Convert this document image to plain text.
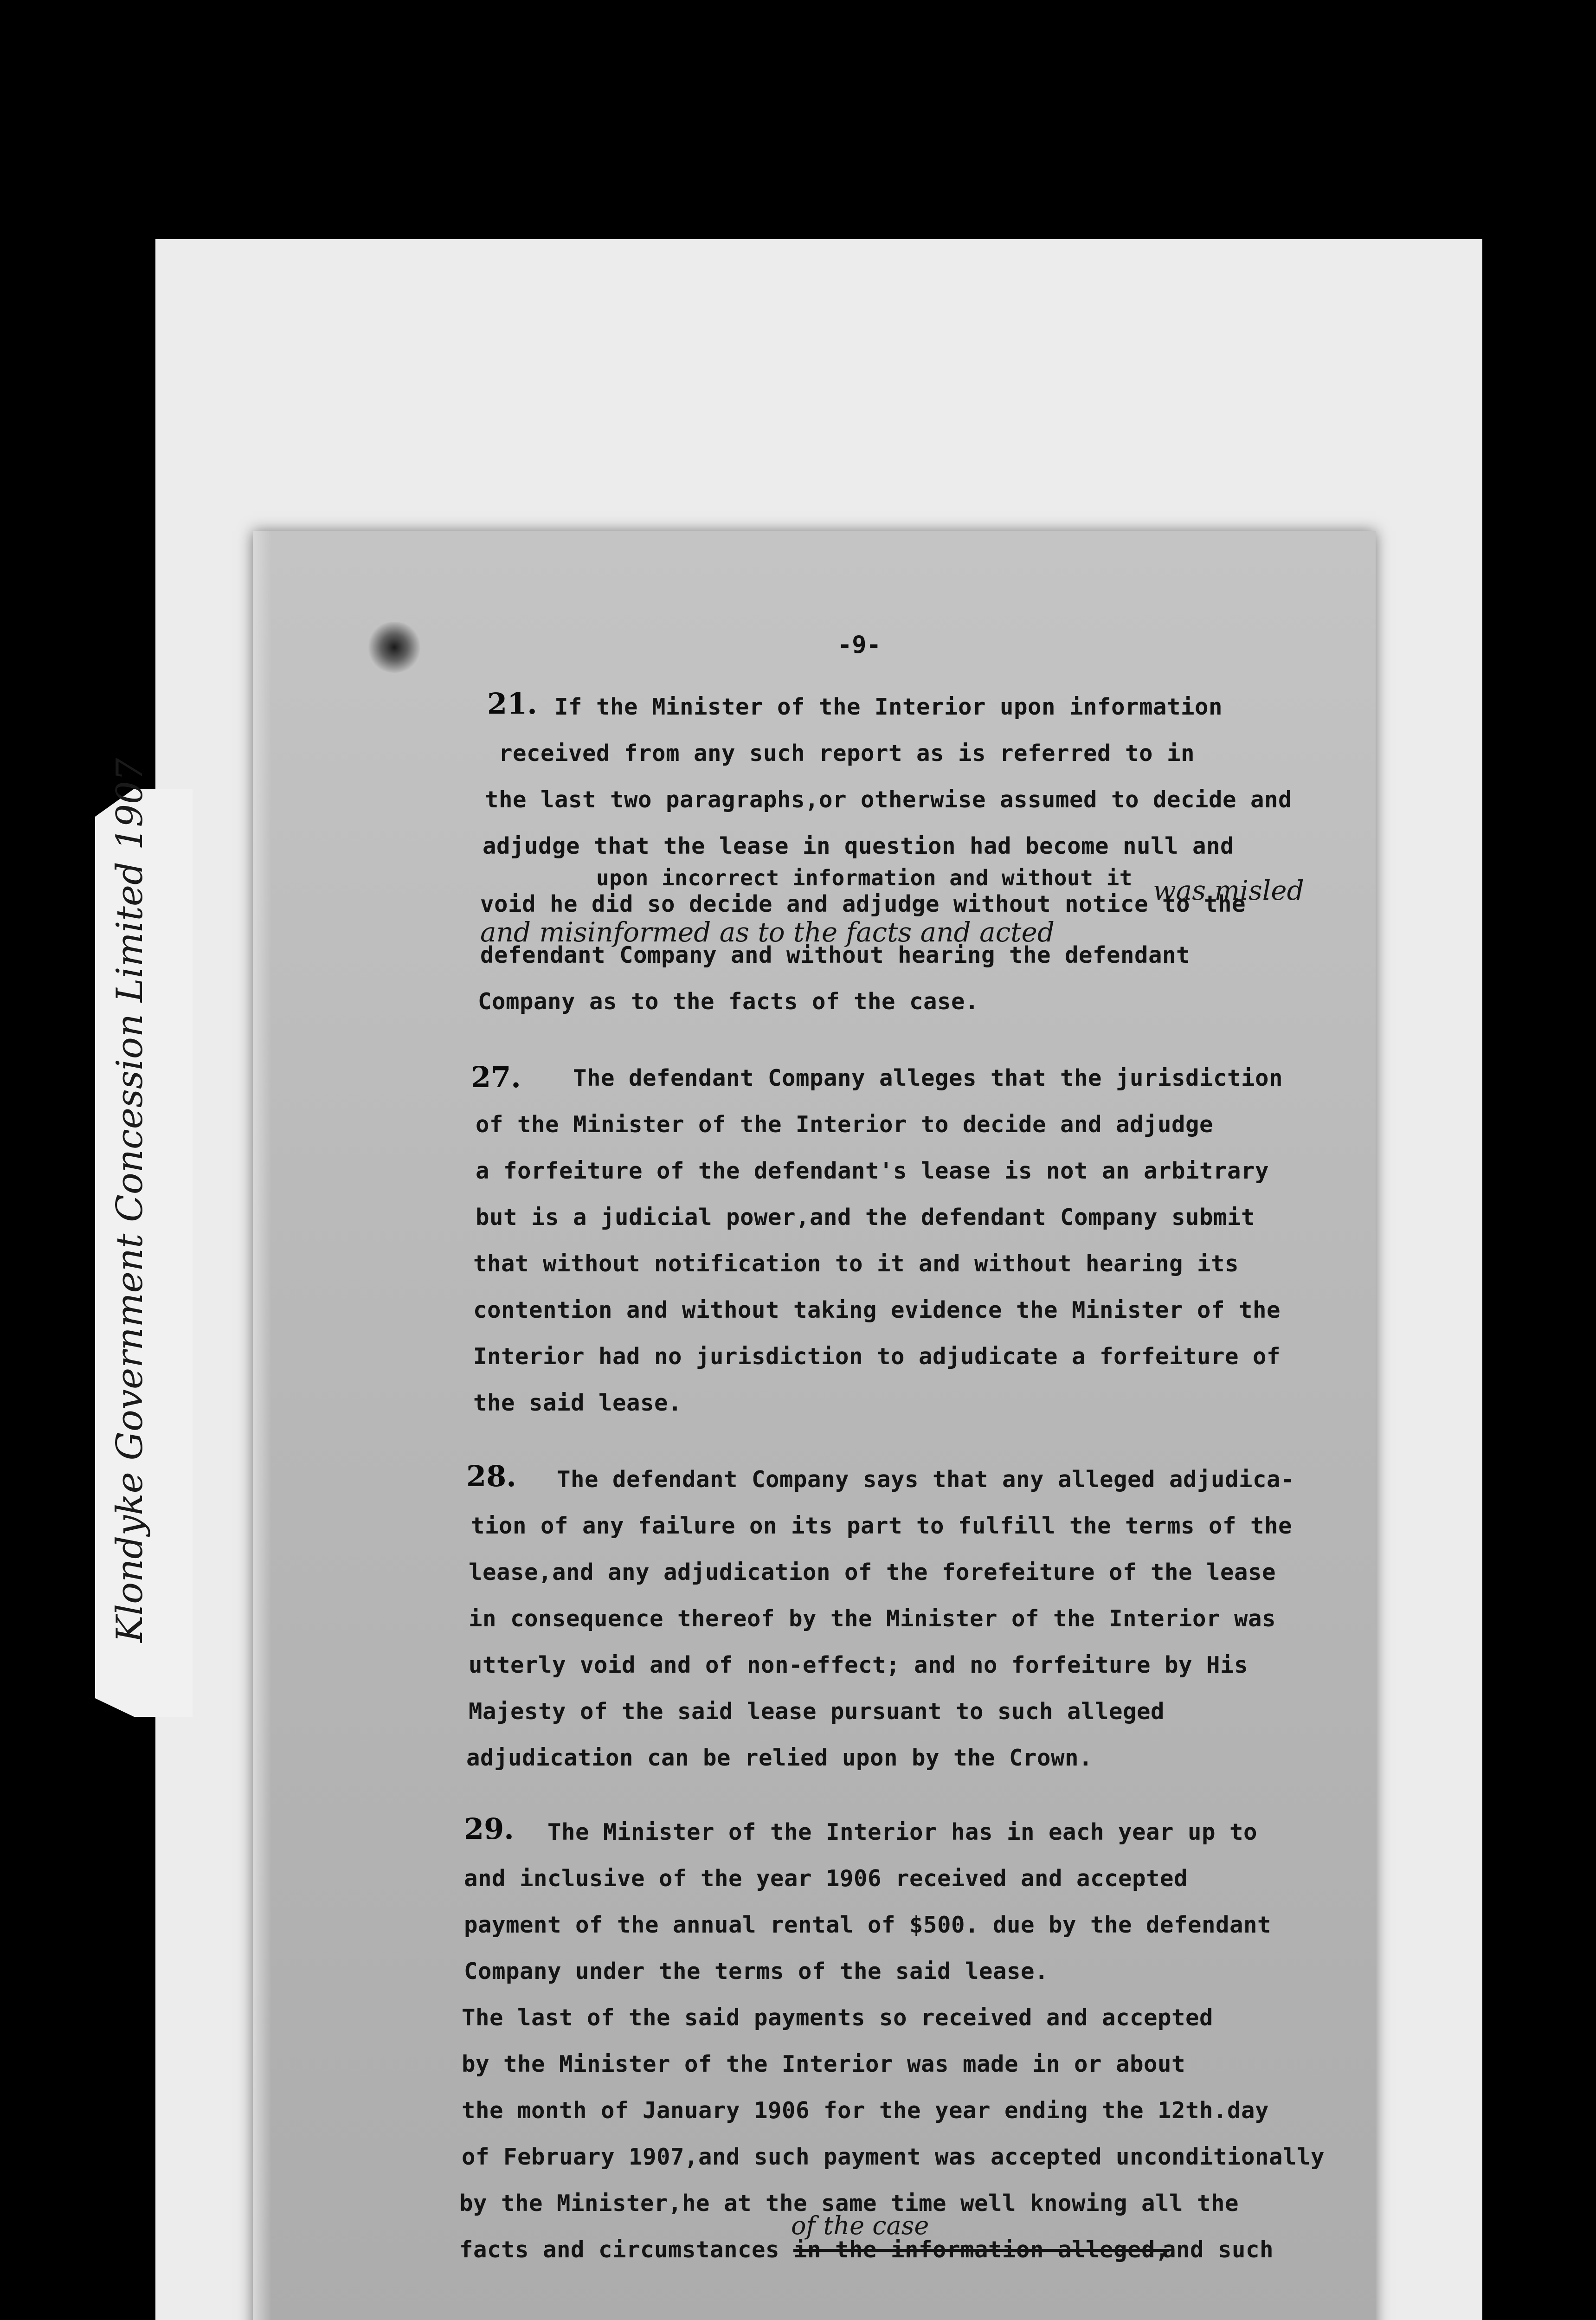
Klondyke Government Concession Limited 1907
-9-
21. If the Minister of the Interior upon information
received from any such report as is referred to in
the last two paragraphs,or otherwise assumed to decide and
adjudge that the lease in question had become null and
upon incorrect information and without it was misled
void he did so decide and adjudge without notice to the
and misinformed as to the facts and acted
defendant Company and without hearing the defendant
Company as to the facts of the case.
27. The defendant Company alleges that the jurisdiction
of the Minister of the Interior to decide and adjudge
a forfeiture of the defendant's lease is not an arbitrary
but is a judicial power,and the defendant Company submit
that without notification to it and without hearing its
contention and without taking evidence the Minister of the
Interior had no jurisdiction to adjudicate a forfeiture of
the said lease.
28. The defendant Company says that any alleged adjudica-
tion of any failure on its part to fulfill the terms of the
lease,and any adjudication of the forefeiture of the lease
in consequence thereof by the Minister of the Interior was
utterly void and of non-effect; and no forfeiture by His
Majesty of the said lease pursuant to such alleged
adjudication can be relied upon by the Crown.
29. The Minister of the Interior has in each year up to
and inclusive of the year 1906 received and accepted
payment of the annual rental of $500. due by the defendant
Company under the terms of the said lease.
The last of the said payments so received and accepted
by the Minister of the Interior was made in or about
the month of January 1906 for the year ending the 12th.day
of February 1907,and such payment was accepted unconditionally
by the Minister,he at the same time well knowing all the
of the case
facts and circumstances in the information alleged,
and such
